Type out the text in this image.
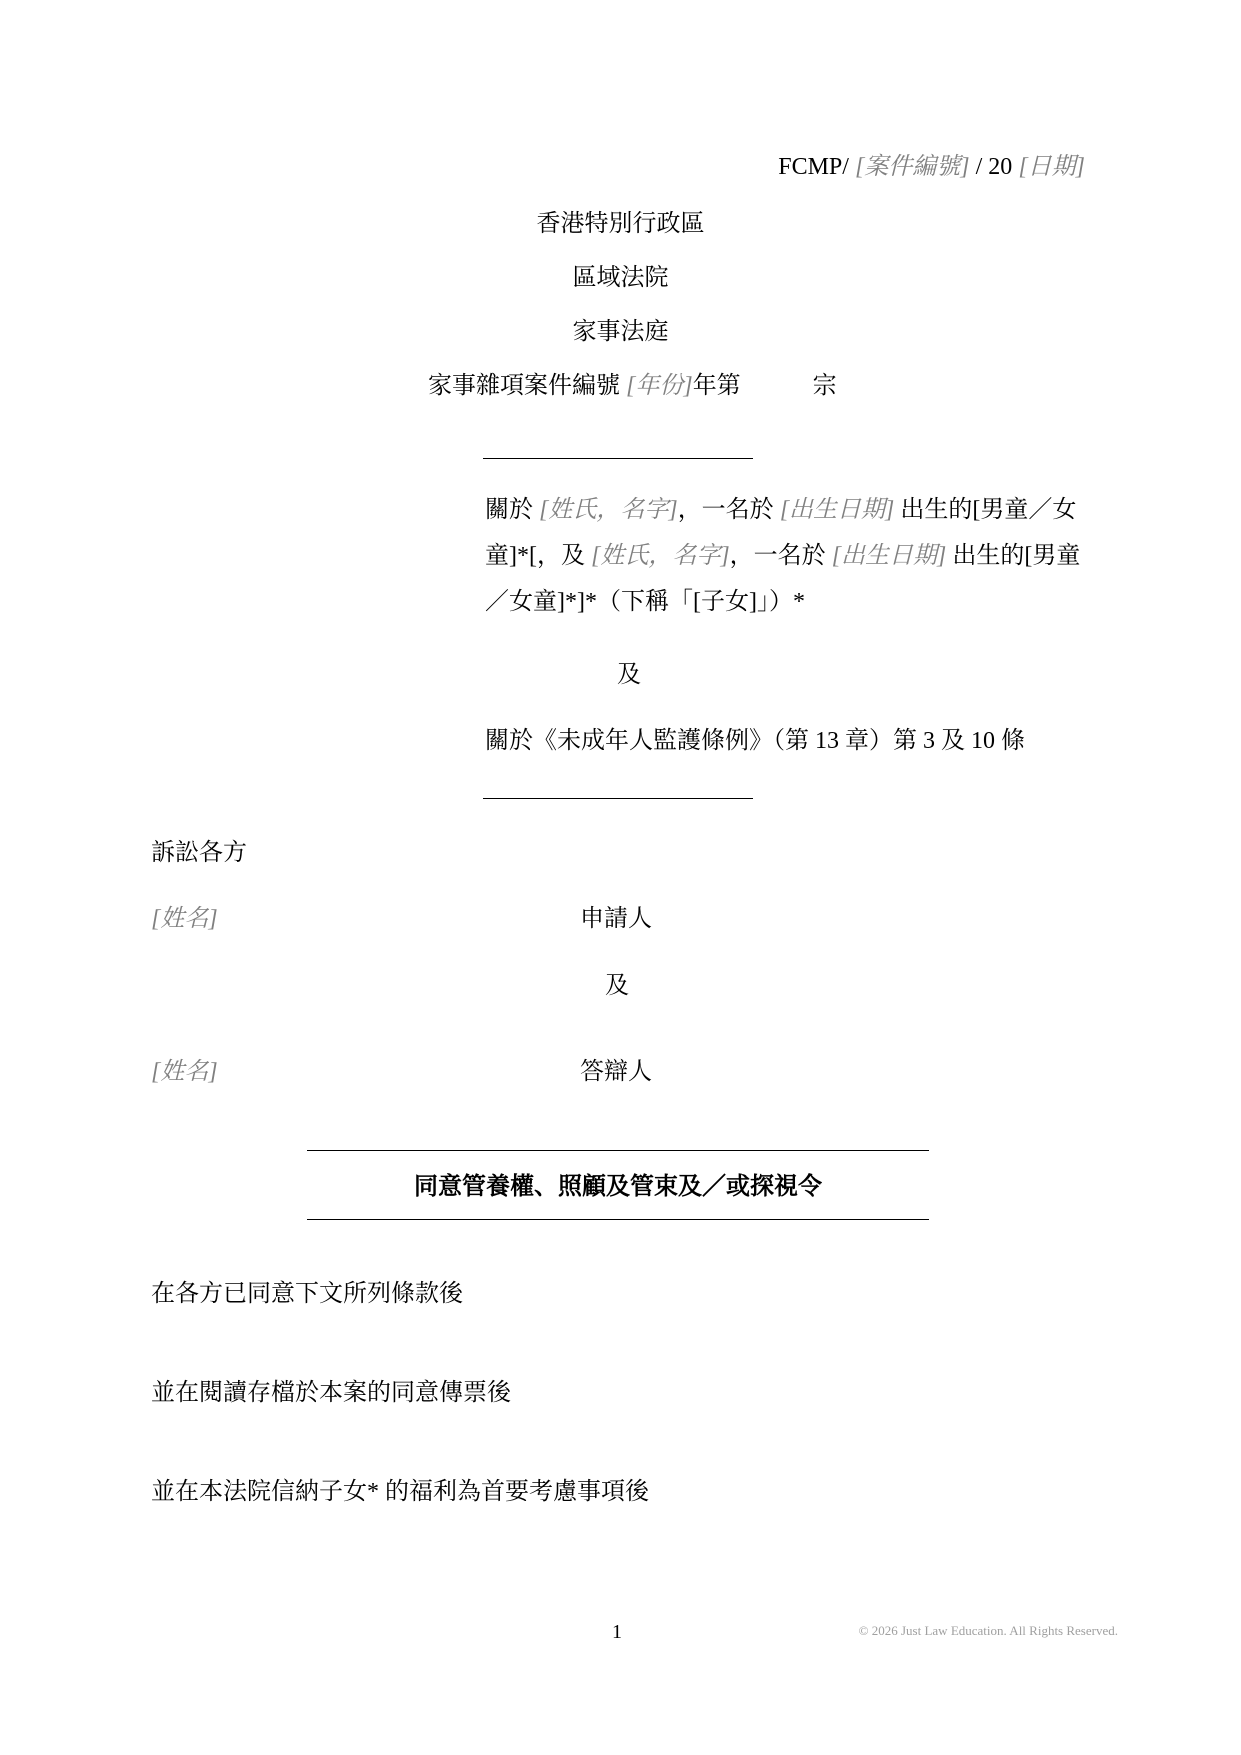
FCMP/ [案件編號] / 20 [日期]
香港特別行政區
區域法院
家事法庭
家事雜項案件編號 [年份]年第　　　宗
關於 [姓氏，名字]，一名於 [出生日期] 出生的[男童／女童]*[，及 [姓氏，名字]，一名於 [出生日期] 出生的[男童／女童]*]*（下稱「[子女]」）*
及
關於《未成年人監護條例》（第 13 章）第 3 及 10 條
訴訟各方
[姓名]	申請人
及
[姓名]	答辯人
同意管養權、照顧及管束及／或探視令
在各方已同意下文所列條款後
並在閱讀存檔於本案的同意傳票後
並在本法院信納子女* 的福利為首要考慮事項後
1	© 2026 Just Law Education. All Rights Reserved.
